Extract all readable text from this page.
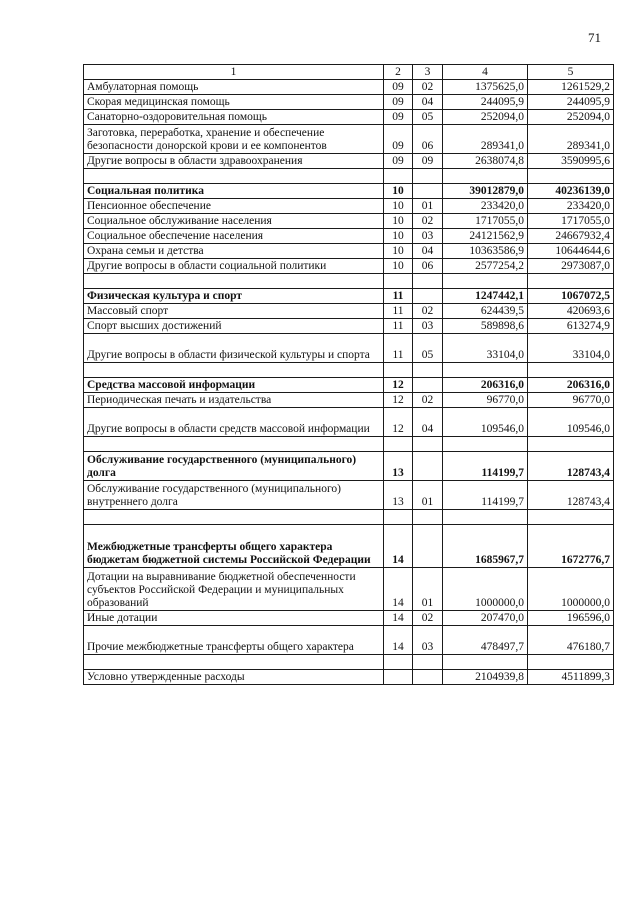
71
1	2	3	4	5
Амбулаторная помощь	09	02	1375625,0	1261529,2
Скорая медицинская помощь	09	04	244095,9	244095,9
Санаторно-оздоровительная помощь	09	05	252094,0	252094,0
Заготовка, переработка, хранение и обеспечение безопасности донорской крови и ее компонентов	09	06	289341,0	289341,0
Другие вопросы в области здравоохранения	09	09	2638074,8	3590995,6

Социальная политика	10		39012879,0	40236139,0
Пенсионное обеспечение	10	01	233420,0	233420,0
Социальное обслуживание населения	10	02	1717055,0	1717055,0
Социальное обеспечение населения	10	03	24121562,9	24667932,4
Охрана семьи и детства	10	04	10363586,9	10644644,6
Другие вопросы в области социальной политики	10	06	2577254,2	2973087,0

Физическая культура и спорт	11		1247442,1	1067072,5
Массовый спорт	11	02	624439,5	420693,6
Спорт высших достижений	11	03	589898,6	613274,9
Другие вопросы в области физической культуры и спорта	11	05	33104,0	33104,0

Средства массовой информации	12		206316,0	206316,0
Периодическая печать и издательства	12	02	96770,0	96770,0
Другие вопросы в области средств массовой информации	12	04	109546,0	109546,0

Обслуживание государственного (муниципального) долга	13		114199,7	128743,4
Обслуживание государственного (муниципального) внутреннего долга	13	01	114199,7	128743,4

Межбюджетные трансферты общего характера бюджетам бюджетной системы Российской Федерации	14		1685967,7	1672776,7
Дотации на выравнивание бюджетной обеспеченности субъектов Российской Федерации и муниципальных образований	14	01	1000000,0	1000000,0
Иные дотации	14	02	207470,0	196596,0
Прочие межбюджетные трансферты общего характера	14	03	478497,7	476180,7

Условно утвержденные расходы			2104939,8	4511899,3
